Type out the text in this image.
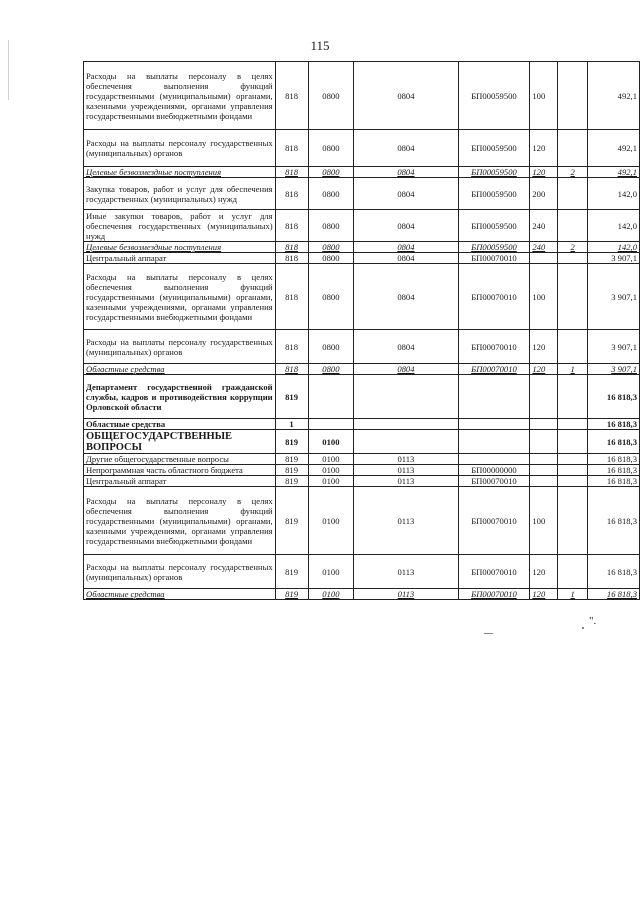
115
Расходы на выплаты персоналу в целях обеспечения выполнения функций государственными (муниципальными) органами, казенными учреждениями, органами управления государственными внебюджетными фондами	818	0800	0804	БП00059500	100		492,1
Расходы на выплаты персоналу государственных (муниципальных) органов	818	0800	0804	БП00059500	120		492,1
Целевые безвозмездные поступления	818	0800	0804	БП00059500	120	2	492,1
Закупка товаров, работ и услуг для обеспечения государственных (муниципальных) нужд	818	0800	0804	БП00059500	200		142,0
Иные закупки товаров, работ и услуг для обеспечения государственных (муниципальных) нужд	818	0800	0804	БП00059500	240		142,0
Целевые безвозмездные поступления	818	0800	0804	БП00059500	240	2	142,0
Центральный аппарат	818	0800	0804	БП00070010			3 907,1
Расходы на выплаты персоналу в целях обеспечения выполнения функций государственными (муниципальными) органами, казенными учреждениями, органами управления государственными внебюджетными фондами	818	0800	0804	БП00070010	100		3 907,1
Расходы на выплаты персоналу государственных (муниципальных) органов	818	0800	0804	БП00070010	120		3 907,1
Областные средства	818	0800	0804	БП00070010	120	1	3 907,1
Департамент государственной гражданской службы, кадров и противодействия коррупции Орловской области	819						16 818,3
Областные средства	1						16 818,3
ОБЩЕГОСУДАРСТВЕННЫЕ ВОПРОСЫ	819	0100					16 818,3
Другие общегосударственные вопросы	819	0100	0113				16 818,3
Непрограммная часть областного бюджета	819	0100	0113	БП00000000			16 818,3
Центральный аппарат	819	0100	0113	БП00070010			16 818,3
Расходы на выплаты персоналу в целях обеспечения выполнения функций государственными (муниципальными) органами, казенными учреждениями, органами управления государственными внебюджетными фондами	819	0100	0113	БП00070010	100		16 818,3
Расходы на выплаты персоналу государственных (муниципальных) органов	819	0100	0113	БП00070010	120		16 818,3
Областные средства	819	0100	0113	БП00070010	120	1	16 818,3
".
